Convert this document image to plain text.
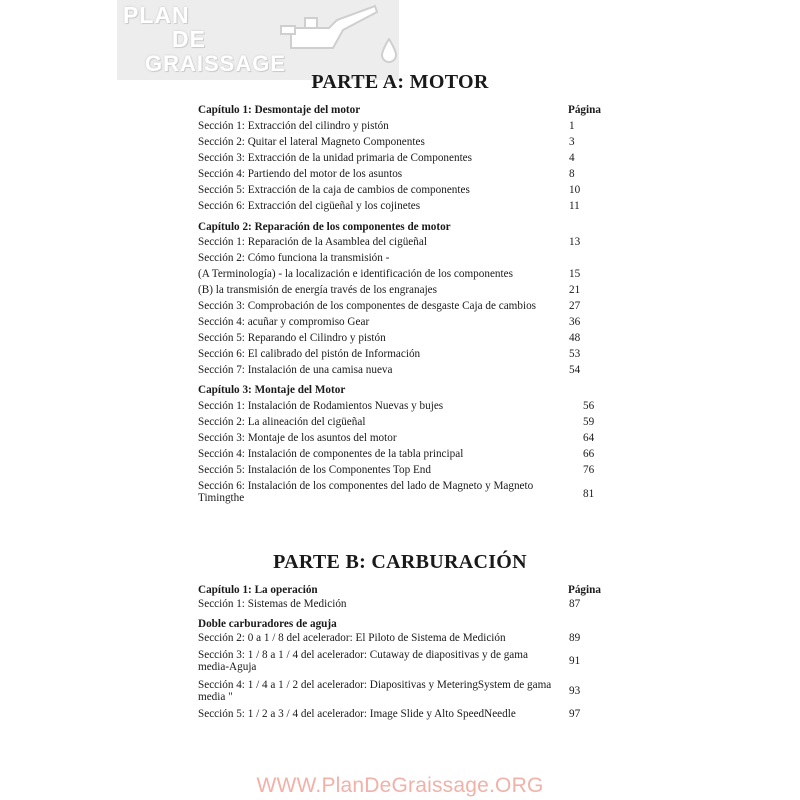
PLAN
DE
GRAISSAGE
PARTE A: MOTOR
Página
Capítulo 1: Desmontaje del motor
Sección 1: Extracción del cilindro y pistón	1
Sección 2: Quitar el lateral Magneto Componentes	3
Sección 3: Extracción de la unidad primaria de Componentes	4
Sección 4: Partiendo del motor de los asuntos	8
Sección 5: Extracción de la caja de cambios de componentes	10
Sección 6: Extracción del cigüeñal y los cojinetes	11
Capítulo 2: Reparación de los componentes de motor
Sección 1: Reparación de la Asamblea del cigüeñal	13
Sección 2: Cómo funciona la transmisión -
(A Terminología) - la localización e identificación de los componentes	15
(B) la transmisión de energía través de los engranajes	21
Sección 3: Comprobación de los componentes de desgaste Caja de cambios	27
Sección 4: acuñar y compromiso Gear	36
Sección 5: Reparando el Cilindro y pistón	48
Sección 6: El calibrado del pistón de Información	53
Sección 7: Instalación de una camisa nueva	54
Capítulo 3: Montaje del Motor
Sección 1: Instalación de Rodamientos Nuevas y bujes	56
Sección 2: La alineación del cigüeñal	59
Sección 3: Montaje de los asuntos del motor	64
Sección 4: Instalación de componentes de la tabla principal	66
Sección 5: Instalación de los Componentes Top End	76
Sección 6: Instalación de los componentes del lado de Magneto y Magneto Timingthe	81
PARTE B: CARBURACIÓN
Página
Capítulo 1: La operación
Sección 1: Sistemas de Medición	87
Doble carburadores de aguja
Sección 2: 0 a 1 / 8 del acelerador: El Piloto de Sistema de Medición	89
Sección 3: 1 / 8 a 1 / 4 del acelerador: Cutaway de diapositivas y de gama media-Aguja	91
Sección 4: 1 / 4 a 1 / 2 del acelerador: Diapositivas y MeteringSystem de gama media "	93
Sección 5: 1 / 2 a 3 / 4 del acelerador: Image Slide y Alto SpeedNeedle	97
WWW.PlanDeGraissage.ORG
